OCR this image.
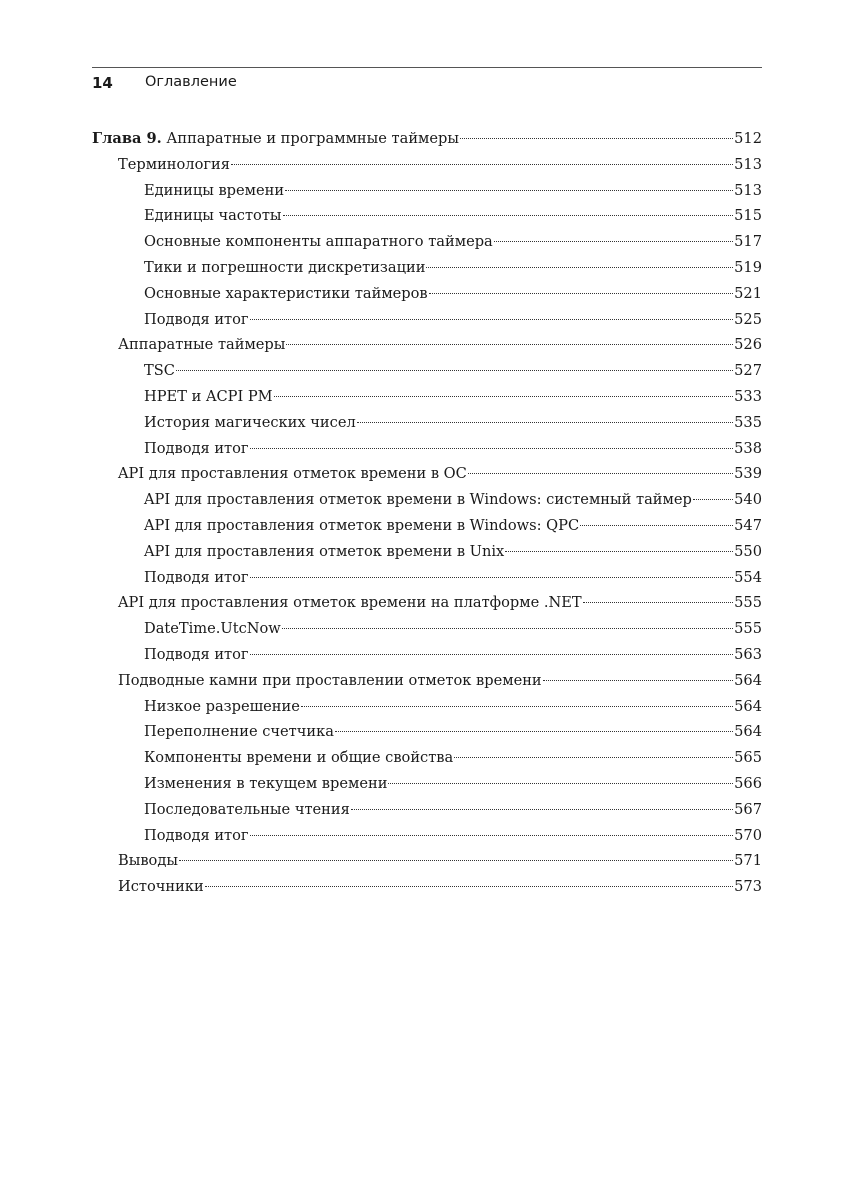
14 Оглавление
Глава 9. Аппаратные и программные таймеры	512
Терминология	513
Единицы времени	513
Единицы частоты	515
Основные компоненты аппаратного таймера	517
Тики и погрешности дискретизации	519
Основные характеристики таймеров	521
Подводя итог	525
Аппаратные таймеры	526
TSC	527
HPET и ACPI PM	533
История магических чисел	535
Подводя итог	538
API для проставления отметок времени в ОС	539
API для проставления отметок времени в Windows: системный таймер	540
API для проставления отметок времени в Windows: QPC	547
API для проставления отметок времени в Unix	550
Подводя итог	554
API для проставления отметок времени на платформе .NET	555
DateTime.UtcNow	555
Подводя итог	563
Подводные камни при проставлении отметок времени	564
Низкое разрешение	564
Переполнение счетчика	564
Компоненты времени и общие свойства	565
Изменения в текущем времени	566
Последовательные чтения	567
Подводя итог	570
Выводы	571
Источники	573
